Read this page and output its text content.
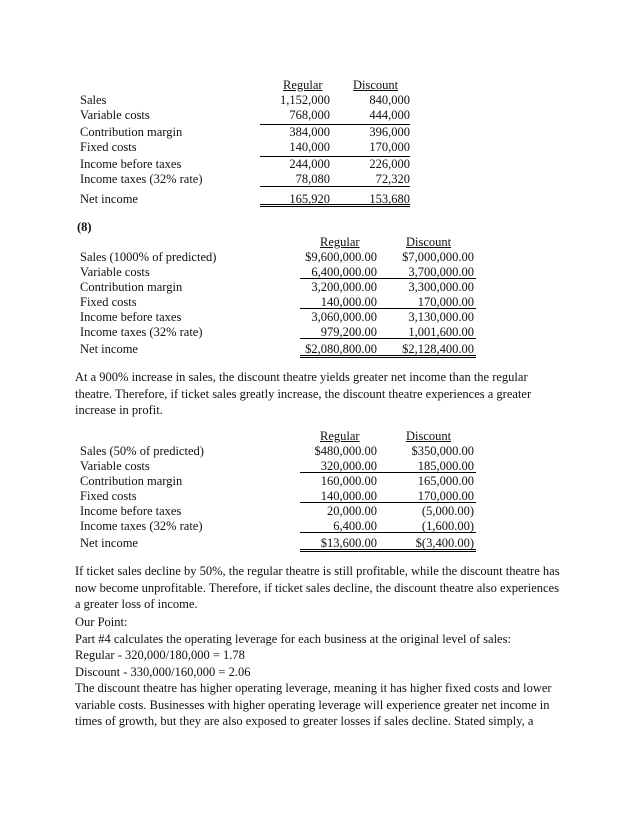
Regular Discount
Sales	1,152,000	840,000
Variable costs	768,000	444,000
Contribution margin	384,000	396,000
Fixed costs	140,000	170,000
Income before taxes	244,000	226,000
Income taxes (32% rate)	78,080	72,320
Net income	165,920	153,680
(8)
Regular	Discount
Sales (1000% of predicted)	$9,600,000.00 $7,000,000.00
Variable costs	6,400,000.00	3,700,000.00
Contribution margin	3,200,000.00	3,300,000.00
Fixed costs	140,000.00	170,000.00
Income before taxes	3,060,000.00	3,130,000.00
Income taxes (32% rate)	979,200.00	1,001,600.00
Net income	$2,080,800.00 $2,128,400.00
At a 900% increase in sales, the discount theatre yields greater net income than the regular
theatre. Therefore, if ticket sales greatly increase, the discount theatre experiences a greater
increase in profit.
Regular	Discount
Sales (50% of predicted)	$480,000.00	$350,000.00
Variable costs	320,000.00	185,000.00
Contribution margin	160,000.00	165,000.00
Fixed costs	140,000.00	170,000.00
Income before taxes	20,000.00	(5,000.00)
Income taxes (32% rate)	6,400.00	(1,600.00)
Net income	$13,600.00	$(3,400.00)
If ticket sales decline by 50%, the regular theatre is still profitable, while the discount theatre has
now become unprofitable. Therefore, if ticket sales decline, the discount theatre also experiences
a greater loss of income.
Our Point:
Part #4 calculates the operating leverage for each business at the original level of sales:
Regular - 320,000/180,000 = 1.78
Discount - 330,000/160,000 = 2.06
The discount theatre has higher operating leverage, meaning it has higher fixed costs and lower
variable costs. Businesses with higher operating leverage will experience greater net income in
times of growth, but they are also exposed to greater losses if sales decline. Stated simply, a
